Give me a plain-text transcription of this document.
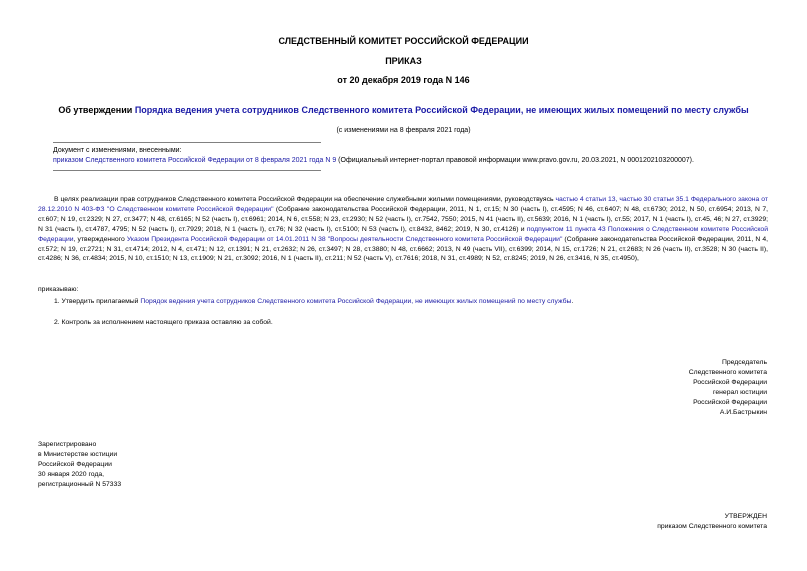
СЛЕДСТВЕННЫЙ КОМИТЕТ РОССИЙСКОЙ ФЕДЕРАЦИИ
ПРИКАЗ
от 20 декабря 2019 года N 146
Об утверждении Порядка ведения учета сотрудников Следственного комитета Российской Федерации, не имеющих жилых помещений по месту службы
(с изменениями на 8 февраля 2021 года)
Документ с изменениями, внесенными:
приказом Следственного комитета Российской Федерации от 8 февраля 2021 года N 9 (Официальный интернет-портал правовой информации www.pravo.gov.ru, 20.03.2021, N 0001202103200007).
В целях реализации прав сотрудников Следственного комитета Российской Федерации на обеспечение служебными жилыми помещениями, руководствуясь частью 4 статьи 13, частью 30 статьи 35.1 Федерального закона от 28.12.2010 N 403-ФЗ "О Следственном комитете Российской Федерации" (Собрание законодательства Российской Федерации, 2011, N 1, ст.15; N 30 (часть I), ст.4595; N 46, ст.6407; N 48, ст.6730; 2012, N 50, ст.6954; 2013, N 7, ст.607; N 19, ст.2329; N 27, ст.3477; N 48, ст.6165; N 52 (часть I), ст.6961; 2014, N 6, ст.558; N 23, ст.2930; N 52 (часть I), ст.7542, 7550; 2015, N 41 (часть II), ст.5639; 2016, N 1 (часть I), ст.55; 2017, N 1 (часть I), ст.45, 46; N 27, ст.3929; N 31 (часть I), ст.4787, 4795; N 52 (часть I), ст.7929; 2018, N 1 (часть I), ст.76; N 32 (часть I), ст.5100; N 53 (часть I), ст.8432, 8462; 2019, N 30, ст.4126) и подпунктом 11 пункта 43 Положения о Следственном комитете Российской Федерации, утвержденного Указом Президента Российской Федерации от 14.01.2011 N 38 "Вопросы деятельности Следственного комитета Российской Федерации" (Собрание законодательства Российской Федерации, 2011, N 4, ст.572; N 19, ст.2721; N 31, ст.4714; 2012, N 4, ст.471; N 12, ст.1391; N 21, ст.2632; N 26, ст.3497; N 28, ст.3880; N 48, ст.6662; 2013, N 49 (часть VII), ст.6399; 2014, N 15, ст.1726; N 21, ст.2683; N 26 (часть II), ст.3528; N 30 (часть II), ст.4286; N 36, ст.4834; 2015, N 10, ст.1510; N 13, ст.1909; N 21, ст.3092; 2016, N 1 (часть II), ст.211; N 52 (часть V), ст.7616; 2018, N 31, ст.4989; N 52, ст.8245; 2019, N 26, ст.3416, N 35, ст.4950),
приказываю:
1. Утвердить прилагаемый Порядок ведения учета сотрудников Следственного комитета Российской Федерации, не имеющих жилых помещений по месту службы.
2. Контроль за исполнением настоящего приказа оставляю за собой.

Председатель

Следственного комитета

Российской Федерации

генерал юстиции

Российской Федерации

А.И.Бастрыкин

Зарегистрировано

в Министерстве юстиции

Российской Федерации

30 января 2020 года,

регистрационный N 57333

УТВЕРЖДЕН

приказом Следственного комитета
